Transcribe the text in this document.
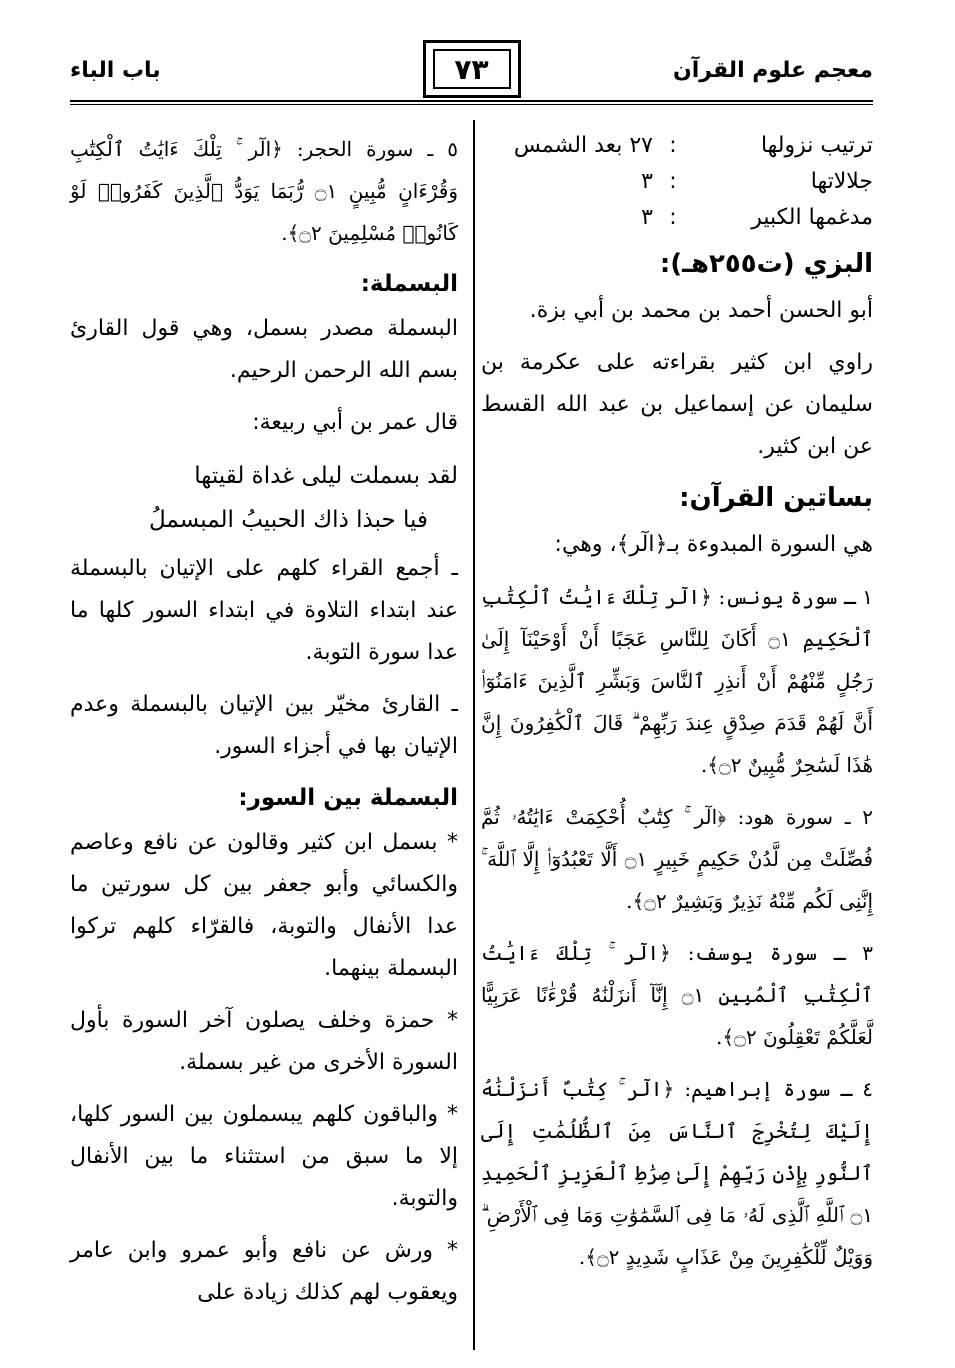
معجم علوم القرآن
٧٣
باب الباء
ترتيب نزولها
:
٢٧ بعد الشمس
جلالاتها
:
٣
مدغمها الكبير
:
٣
البزي (ت٢٥٥هـ):

أبو الحسن أحمد بن محمد بن أبي بزة.

راوي ابن كثير بقراءته على عكرمة بن سليمان عن إسماعيل بن عبد الله القسط عن ابن كثير.

بساتين القرآن:

هي السورة المبدوءة بـ﴿الٓر﴾، وهي:

١ ـ سورة يونس: ﴿الٓر تِلْكَ ءَايَٰتُ ٱلْكِتَٰبِ ٱلْحَكِيمِ ۝١ أَكَانَ لِلنَّاسِ عَجَبًا أَنْ أَوْحَيْنَآ إِلَىٰ رَجُلٍ مِّنْهُمْ أَنْ أَنذِرِ ٱلنَّاسَ وَبَشِّرِ ٱلَّذِينَ ءَامَنُوٓا۟ أَنَّ لَهُمْ قَدَمَ صِدْقٍ عِندَ رَبِّهِمْ ۗ قَالَ ٱلْكَٰفِرُونَ إِنَّ هَٰذَا لَسَٰحِرٌ مُّبِينٌ ۝٢﴾.

٢ ـ سورة هود: ﴿الٓر ۚ كِتَٰبٌ أُحْكِمَتْ ءَايَٰتُهُۥ ثُمَّ فُصِّلَتْ مِن لَّدُنْ حَكِيمٍ خَبِيرٍ ۝١ أَلَّا تَعْبُدُوٓا۟ إِلَّا ٱللَّهَ ۚ إِنَّنِى لَكُم مِّنْهُ نَذِيرٌ وَبَشِيرٌ ۝٢﴾.

٣ ـ سورة يوسف: ﴿الٓر ۚ تِلْكَ ءَايَٰتُ ٱلْكِتَٰبِ ٱلْمُبِينِ ۝١ إِنَّآ أَنزَلْنَٰهُ قُرْءَٰنًا عَرَبِيًّا لَّعَلَّكُمْ تَعْقِلُونَ ۝٢﴾.

٤ ـ سورة إبراهيم: ﴿الٓر ۚ كِتَٰبٌ أَنزَلْنَٰهُ إِلَيْكَ لِتُخْرِجَ ٱلنَّاسَ مِنَ ٱلظُّلُمَٰتِ إِلَى ٱلنُّورِ بِإِذْنِ رَبِّهِمْ إِلَىٰ صِرَٰطِ ٱلْعَزِيزِ ٱلْحَمِيدِ ۝١ ٱللَّهِ ٱلَّذِى لَهُۥ مَا فِى ٱلسَّمَٰوَٰتِ وَمَا فِى ٱلْأَرْضِ ۗ وَوَيْلٌ لِّلْكَٰفِرِينَ مِنْ عَذَابٍ شَدِيدٍ ۝٢﴾.

٥ ـ سورة الحجر: ﴿الٓر ۚ تِلْكَ ءَايَٰتُ ٱلْكِتَٰبِ وَقُرْءَانٍ مُّبِينٍ ۝١ رُّبَمَا يَوَدُّ ٱلَّذِينَ كَفَرُوا۟ لَوْ كَانُوا۟ مُسْلِمِينَ ۝٢﴾.

البسملة:

البسملة مصدر بسمل، وهي قول القارئ بسم الله الرحمن الرحيم.

قال عمر بن أبي ربيعة:

لقد بسملت ليلى غداة لقيتها
فيا حبذا ذاك الحبيبُ المبسملُ

ـ أجمع القراء كلهم على الإتيان بالبسملة عند ابتداء التلاوة في ابتداء السور كلها ما عدا سورة التوبة.

ـ القارئ مخيّر بين الإتيان بالبسملة وعدم الإتيان بها في أجزاء السور.

البسملة بين السور:

* بسمل ابن كثير وقالون عن نافع وعاصم والكسائي وأبو جعفر بين كل سورتين ما عدا الأنفال والتوبة، فالقرّاء كلهم تركوا البسملة بينهما.

* حمزة وخلف يصلون آخر السورة بأول السورة الأخرى من غير بسملة.

* والباقون كلهم يبسملون بين السور كلها، إلا ما سبق من استثناء ما بين الأنفال والتوبة.

* ورش عن نافع وأبو عمرو وابن عامر ويعقوب لهم كذلك زيادة على
